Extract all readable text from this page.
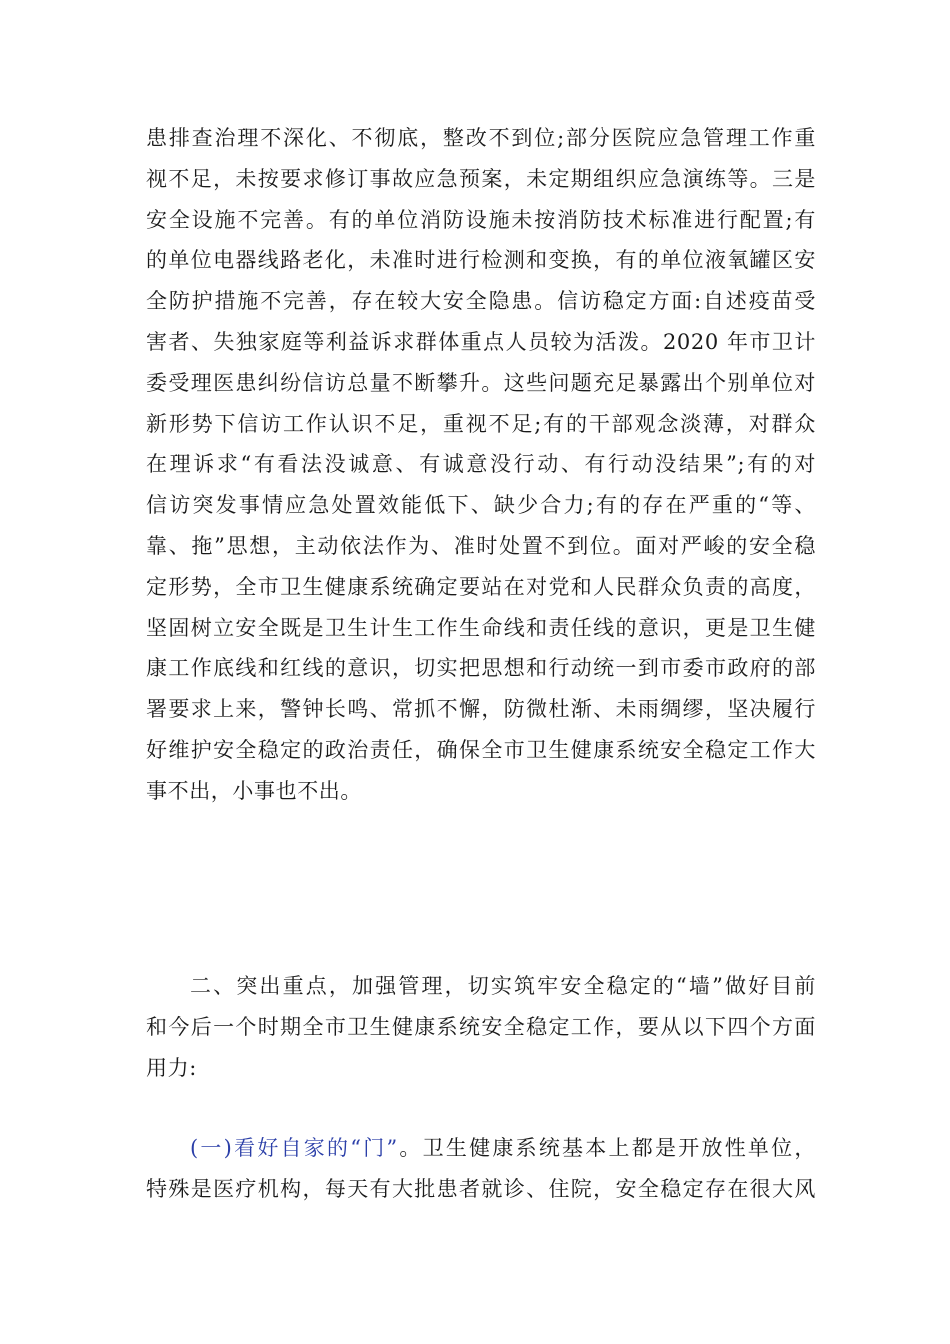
患排查治理不深化、不彻底，整改不到位;部分医院应急管理工作重
视不足，未按要求修订事故应急预案，未定期组织应急演练等。三是
安全设施不完善。有的单位消防设施未按消防技术标准进行配置;有
的单位电器线路老化，未准时进行检测和变换，有的单位液氧罐区安
全防护措施不完善，存在较大安全隐患。信访稳定方面:自述疫苗受
害者、失独家庭等利益诉求群体重点人员较为活泼。2020 年市卫计
委受理医患纠纷信访总量不断攀升。这些问题充足暴露出个别单位对
新形势下信访工作认识不足，重视不足;有的干部观念淡薄，对群众
在理诉求“有看法没诚意、有诚意没行动、有行动没结果”;有的对
信访突发事情应急处置效能低下、缺少合力;有的存在严重的“等、
靠、拖”思想，主动依法作为、准时处置不到位。面对严峻的安全稳
定形势，全市卫生健康系统确定要站在对党和人民群众负责的高度，
坚固树立安全既是卫生计生工作生命线和责任线的意识，更是卫生健
康工作底线和红线的意识，切实把思想和行动统一到市委市政府的部
署要求上来，警钟长鸣、常抓不懈，防微杜渐、未雨绸缪，坚决履行
好维护安全稳定的政治责任，确保全市卫生健康系统安全稳定工作大
事不出，小事也不出。
二、突出重点，加强管理，切实筑牢安全稳定的“墙”做好目前
和今后一个时期全市卫生健康系统安全稳定工作，要从以下四个方面
用力:
(一)看好自家的“门”。卫生健康系统基本上都是开放性单位，
特殊是医疗机构，每天有大批患者就诊、住院，安全稳定存在很大风
